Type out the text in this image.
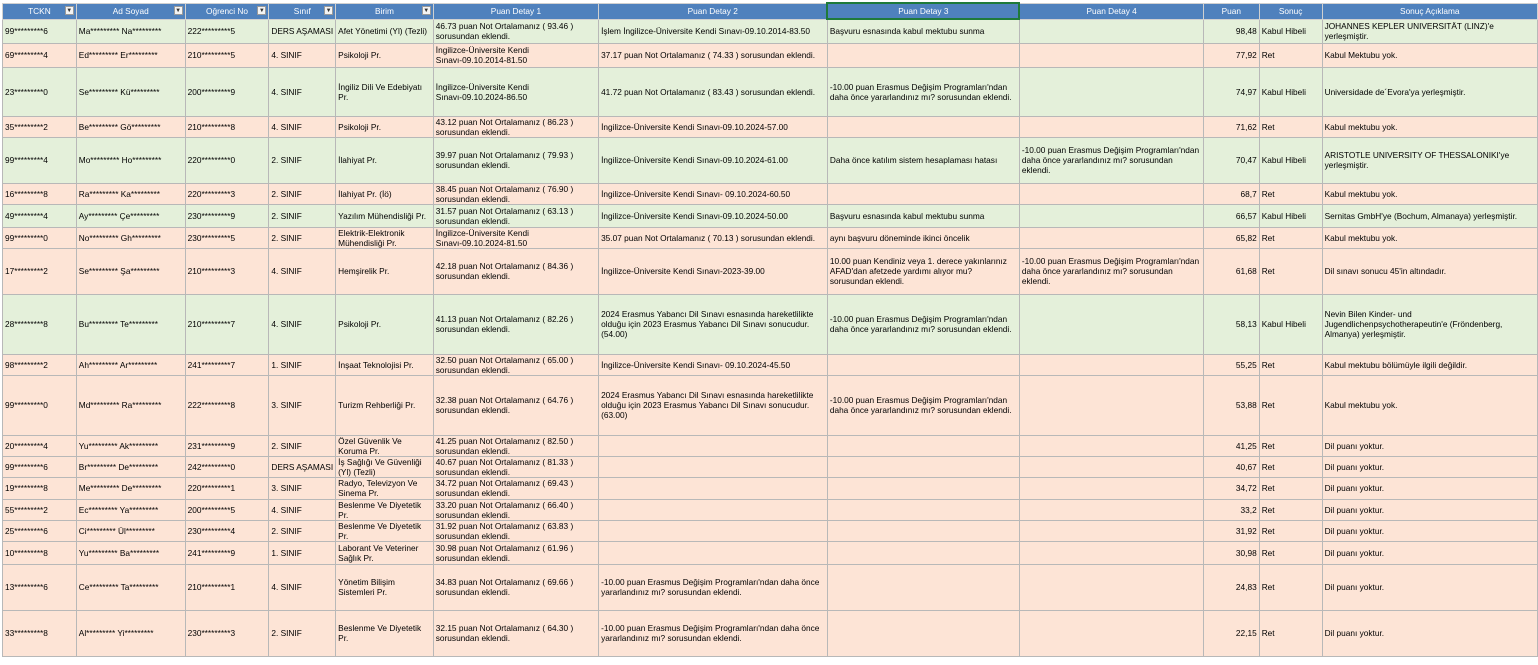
TCKN ▼	Ad Soyad ▼	Oğrenci No ▼	Sınıf ▼	Birim ▼	Puan Detay 1	Puan Detay 2	Puan Detay 3	Puan Detay 4	Puan	Sonuç	Sonuç Açıklama
99*********6	Ma********* Na*********	222*********5	DERS AŞAMASI	Afet Yönetimi (Yl) (Tezli)	46.73 puan Not Ortalamanız ( 93.46 ) sorusundan eklendi.	İşlem İngilizce-Üniversite Kendi Sınavı-09.10.2014-83.50	Başvuru esnasında kabul mektubu sunma		98,48	Kabul Hibeli	JOHANNES KEPLER UNIVERSITÄT (LINZ)'e yerleşmiştir.
69*********4	Ed********* Er*********	210*********5	4. SINIF	Psikoloji Pr.	İngilizce-Üniversite Kendi Sınavı-09.10.2014-81.50	37.17 puan Not Ortalamanız ( 74.33 ) sorusundan eklendi.			77,92	Ret	Kabul Mektubu yok.
23*********0	Se********* Kü*********	200*********9	4. SINIF	İngiliz Dili Ve Edebiyatı Pr.	İngilizce-Üniversite Kendi Sınavı-09.10.2024-86.50	41.72 puan Not Ortalamanız ( 83.43 ) sorusundan eklendi.	-10.00 puan Erasmus Değişim Programları'ndan daha önce yararlandınız mı? sorusundan eklendi.		74,97	Kabul Hibeli	Universidade de´Evora'ya yerleşmiştir.
35*********2	Be********* Gö*********	210*********8	4. SINIF	Psikoloji Pr.	43.12 puan Not Ortalamanız ( 86.23 ) sorusundan eklendi.	İngilizce-Üniversite Kendi Sınavı-09.10.2024-57.00			71,62	Ret	Kabul mektubu yok.
99*********4	Mo********* Ho*********	220*********0	2. SINIF	İlahiyat Pr.	39.97 puan Not Ortalamanız ( 79.93 ) sorusundan eklendi.	İngilizce-Üniversite Kendi Sınavı-09.10.2024-61.00	Daha önce katılım sistem hesaplaması hatası	-10.00 puan Erasmus Değişim Programları'ndan daha önce yararlandınız mı? sorusundan eklendi.	70,47	Kabul Hibeli	ARISTOTLE UNIVERSITY OF THESSALONIKI'ye yerleşmiştir.
16*********8	Ra********* Ka*********	220*********3	2. SINIF	İlahiyat Pr. (İö)	38.45 puan Not Ortalamanız ( 76.90 ) sorusundan eklendi.	İngilizce-Üniversite Kendi Sınavı- 09.10.2024-60.50			68,7	Ret	Kabul mektubu yok.
49*********4	Ay********* Çe*********	230*********9	2. SINIF	Yazılım Mühendisliği Pr.	31.57 puan Not Ortalamanız ( 63.13 ) sorusundan eklendi.	İngilizce-Üniversite Kendi Sınavı-09.10.2024-50.00	Başvuru esnasında kabul mektubu sunma		66,57	Kabul Hibeli	Sernitas GmbH'ye (Bochum, Almanaya) yerleşmiştir.
99*********0	No********* Gh*********	230*********5	2. SINIF	Elektrik-Elektronik Mühendisliği Pr.	İngilizce-Üniversite Kendi Sınavı-09.10.2024-81.50	35.07 puan Not Ortalamanız ( 70.13 ) sorusundan eklendi.	aynı başvuru döneminde ikinci öncelik		65,82	Ret	Kabul mektubu yok.
17*********2	Se********* Şa*********	210*********3	4. SINIF	Hemşirelik Pr.	42.18 puan Not Ortalamanız ( 84.36 ) sorusundan eklendi.	İngilizce-Üniversite Kendi Sınavı-2023-39.00	10.00 puan Kendiniz veya 1. derece yakınlarınız AFAD'dan afetzede yardımı alıyor mu? sorusundan eklendi.	-10.00 puan Erasmus Değişim Programları'ndan daha önce yararlandınız mı? sorusundan eklendi.	61,68	Ret	Dil sınavı sonucu 45'in altındadır.
28*********8	Bu********* Te*********	210*********7	4. SINIF	Psikoloji Pr.	41.13 puan Not Ortalamanız ( 82.26 ) sorusundan eklendi.	2024 Erasmus Yabancı Dil Sınavı esnasında hareketlilikte olduğu için 2023 Erasmus Yabancı Dil Sınavı sonucudur. (54.00)	-10.00 puan Erasmus Değişim Programları'ndan daha önce yararlandınız mı? sorusundan eklendi.		58,13	Kabul Hibeli	Nevin Bilen Kinder- und Jugendlichenpsychotherapeutin'e (Fröndenberg, Almanya) yerleşmiştir.
98*********2	Ah********* Ar*********	241*********7	1. SINIF	İnşaat Teknolojisi Pr.	32.50 puan Not Ortalamanız ( 65.00 ) sorusundan eklendi.	İngilizce-Üniversite Kendi Sınavı- 09.10.2024-45.50			55,25	Ret	Kabul mektubu bölümüyle ilgili değildir.
99*********0	Md********* Ra*********	222*********8	3. SINIF	Turizm Rehberliği Pr.	32.38 puan Not Ortalamanız ( 64.76 ) sorusundan eklendi.	2024 Erasmus Yabancı Dil Sınavı esnasında hareketlilikte olduğu için 2023 Erasmus Yabancı Dil Sınavı sonucudur. (63.00)	-10.00 puan Erasmus Değişim Programları'ndan daha önce yararlandınız mı? sorusundan eklendi.		53,88	Ret	Kabul mektubu yok.
20*********4	Yu********* Ak*********	231*********9	2. SINIF	Özel Güvenlik Ve Koruma Pr.	41.25 puan Not Ortalamanız ( 82.50 ) sorusundan eklendi.				41,25	Ret	Dil puanı yoktur.
99*********6	Br********* De*********	242*********0	DERS AŞAMASI	İş Sağlığı Ve Güvenliği (Yl) (Tezli)	40.67 puan Not Ortalamanız ( 81.33 ) sorusundan eklendi.				40,67	Ret	Dil puanı yoktur.
19*********8	Me********* De*********	220*********1	3. SINIF	Radyo, Televizyon Ve Sinema Pr.	34.72 puan Not Ortalamanız ( 69.43 ) sorusundan eklendi.				34,72	Ret	Dil puanı yoktur.
55*********2	Ec********* Ya*********	200*********5	4. SINIF	Beslenme Ve Diyetetik Pr.	33.20 puan Not Ortalamanız ( 66.40 ) sorusundan eklendi.				33,2	Ret	Dil puanı yoktur.
25*********6	Ci********* Ül*********	230*********4	2. SINIF	Beslenme Ve Diyetetik Pr.	31.92 puan Not Ortalamanız ( 63.83 ) sorusundan eklendi.				31,92	Ret	Dil puanı yoktur.
10*********8	Yu********* Ba*********	241*********9	1. SINIF	Laborant Ve Veteriner Sağlık Pr.	30.98 puan Not Ortalamanız ( 61.96 ) sorusundan eklendi.				30,98	Ret	Dil puanı yoktur.
13*********6	Ce********* Ta*********	210*********1	4. SINIF	Yönetim Bilişim Sistemleri Pr.	34.83 puan Not Ortalamanız ( 69.66 ) sorusundan eklendi.	-10.00 puan Erasmus Değişim Programları'ndan daha önce yararlandınız mı? sorusundan eklendi.			24,83	Ret	Dil puanı yoktur.
33*********8	Al********* Yi*********	230*********3	2. SINIF	Beslenme Ve Diyetetik Pr.	32.15 puan Not Ortalamanız ( 64.30 ) sorusundan eklendi.	-10.00 puan Erasmus Değişim Programları'ndan daha önce yararlandınız mı? sorusundan eklendi.			22,15	Ret	Dil puanı yoktur.
